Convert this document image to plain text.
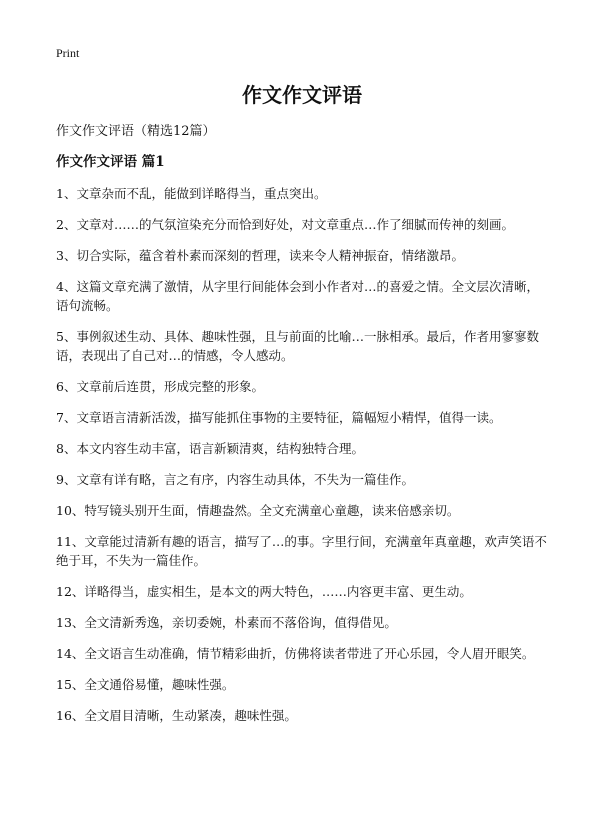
Print
作文作文评语
作文作文评语（精选12篇）
作文作文评语 篇1
1、文章杂而不乱，能做到详略得当，重点突出。
2、文章对……的气氛渲染充分而恰到好处，对文章重点…作了细腻而传神的刻画。
3、切合实际，蕴含着朴素而深刻的哲理，读来令人精神振奋，情绪激昂。
4、这篇文章充满了激情，从字里行间能体会到小作者对…的喜爱之情。全文层次清晰，语句流畅。
5、事例叙述生动、具体、趣味性强，且与前面的比喻…一脉相承。最后，作者用寥寥数语，表现出了自己对…的情感，令人感动。
6、文章前后连贯，形成完整的形象。
7、文章语言清新活泼，描写能抓住事物的主要特征，篇幅短小精悍，值得一读。
8、本文内容生动丰富，语言新颖清爽，结构独特合理。
9、文章有详有略，言之有序，内容生动具体，不失为一篇佳作。
10、特写镜头别开生面，情趣盎然。全文充满童心童趣，读来倍感亲切。
11、文章能过清新有趣的语言，描写了…的事。字里行间，充满童年真童趣，欢声笑语不绝于耳，不失为一篇佳作。
12、详略得当，虚实相生，是本文的两大特色，……内容更丰富、更生动。
13、全文清新秀逸，亲切委婉，朴素而不落俗询，值得借见。
14、全文语言生动准确，情节精彩曲折，仿佛将读者带进了开心乐园，令人眉开眼笑。
15、全文通俗易懂，趣味性强。
16、全文眉目清晰，生动紧凑，趣味性强。
